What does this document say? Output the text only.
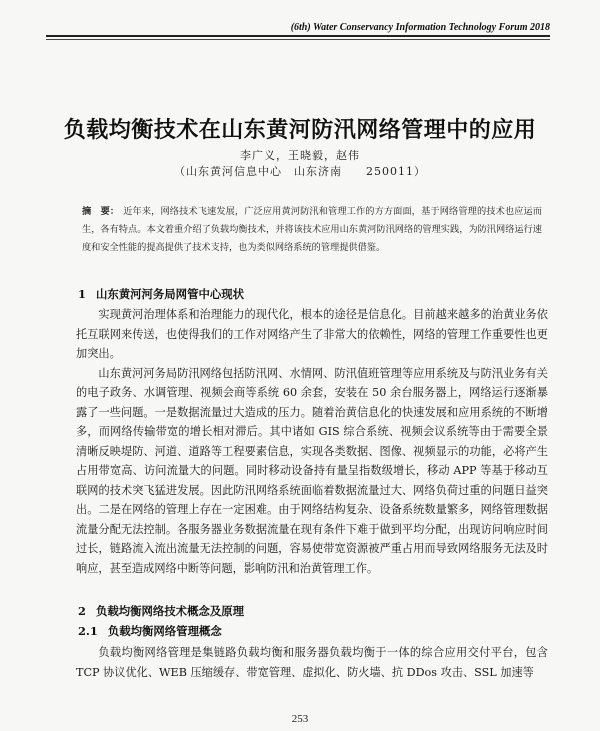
(6th) Water Conservancy Information Technology Forum 2018
负载均衡技术在山东黄河防汛网络管理中的应用
李广义，王晓毅，赵伟
（山东黄河信息中心　山东济南　　250011）
摘　要： 近年来，网络技术飞速发展，广泛应用黄河防汛和管理工作的方方面面，基于网络管理的技术也应运而生，各有特点。本文着重介绍了负载均衡技术，并将该技术应用山东黄河防汛网络的管理实践，为防汛网络运行速度和安全性能的提高提供了技术支持，也为类似网络系统的管理提供借鉴。
1 山东黄河河务局网管中心现状

实现黄河治理体系和治理能力的现代化，根本的途径是信息化。目前越来越多的治黄业务依托互联网来传送，也使得我们的工作对网络产生了非常大的依赖性，网络的管理工作重要性也更加突出。

山东黄河河务局防汛网络包括防汛网、水情网、防汛值班管理等应用系统及与防汛业务有关的电子政务、水调管理、视频会商等系统 60 余套，安装在 50 余台服务器上，网络运行逐渐暴露了一些问题。一是数据流量过大造成的压力。随着治黄信息化的快速发展和应用系统的不断增多，而网络传输带宽的增长相对滞后。其中诸如 GIS 综合系统、视频会议系统等由于需要全景清晰反映堤防、河道、道路等工程要素信息，实现各类数据、图像、视频显示的功能，必将产生占用带宽高、访问流量大的问题。同时移动设备持有量呈指数级增长，移动 APP 等基于移动互联网的技术突飞猛进发展。因此防汛网络系统面临着数据流量过大、网络负荷过重的问题日益突出。二是在网络的管理上存在一定困难。由于网络结构复杂、设备系统数量繁多，网络管理数据流量分配无法控制。各服务器业务数据流量在现有条件下难于做到平均分配，出现访问响应时间过长，链路流入流出流量无法控制的问题，容易使带宽资源被严重占用而导致网络服务无法及时响应，甚至造成网络中断等问题，影响防汛和治黄管理工作。

2 负载均衡网络技术概念及原理
2.1 负载均衡网络管理概念

负载均衡网络管理是集链路负载均衡和服务器负载均衡于一体的综合应用交付平台，包含 TCP 协议优化、WEB 压缩缓存、带宽管理、虚拟化、防火墙、抗 DDos 攻击、SSL 加速等

253
